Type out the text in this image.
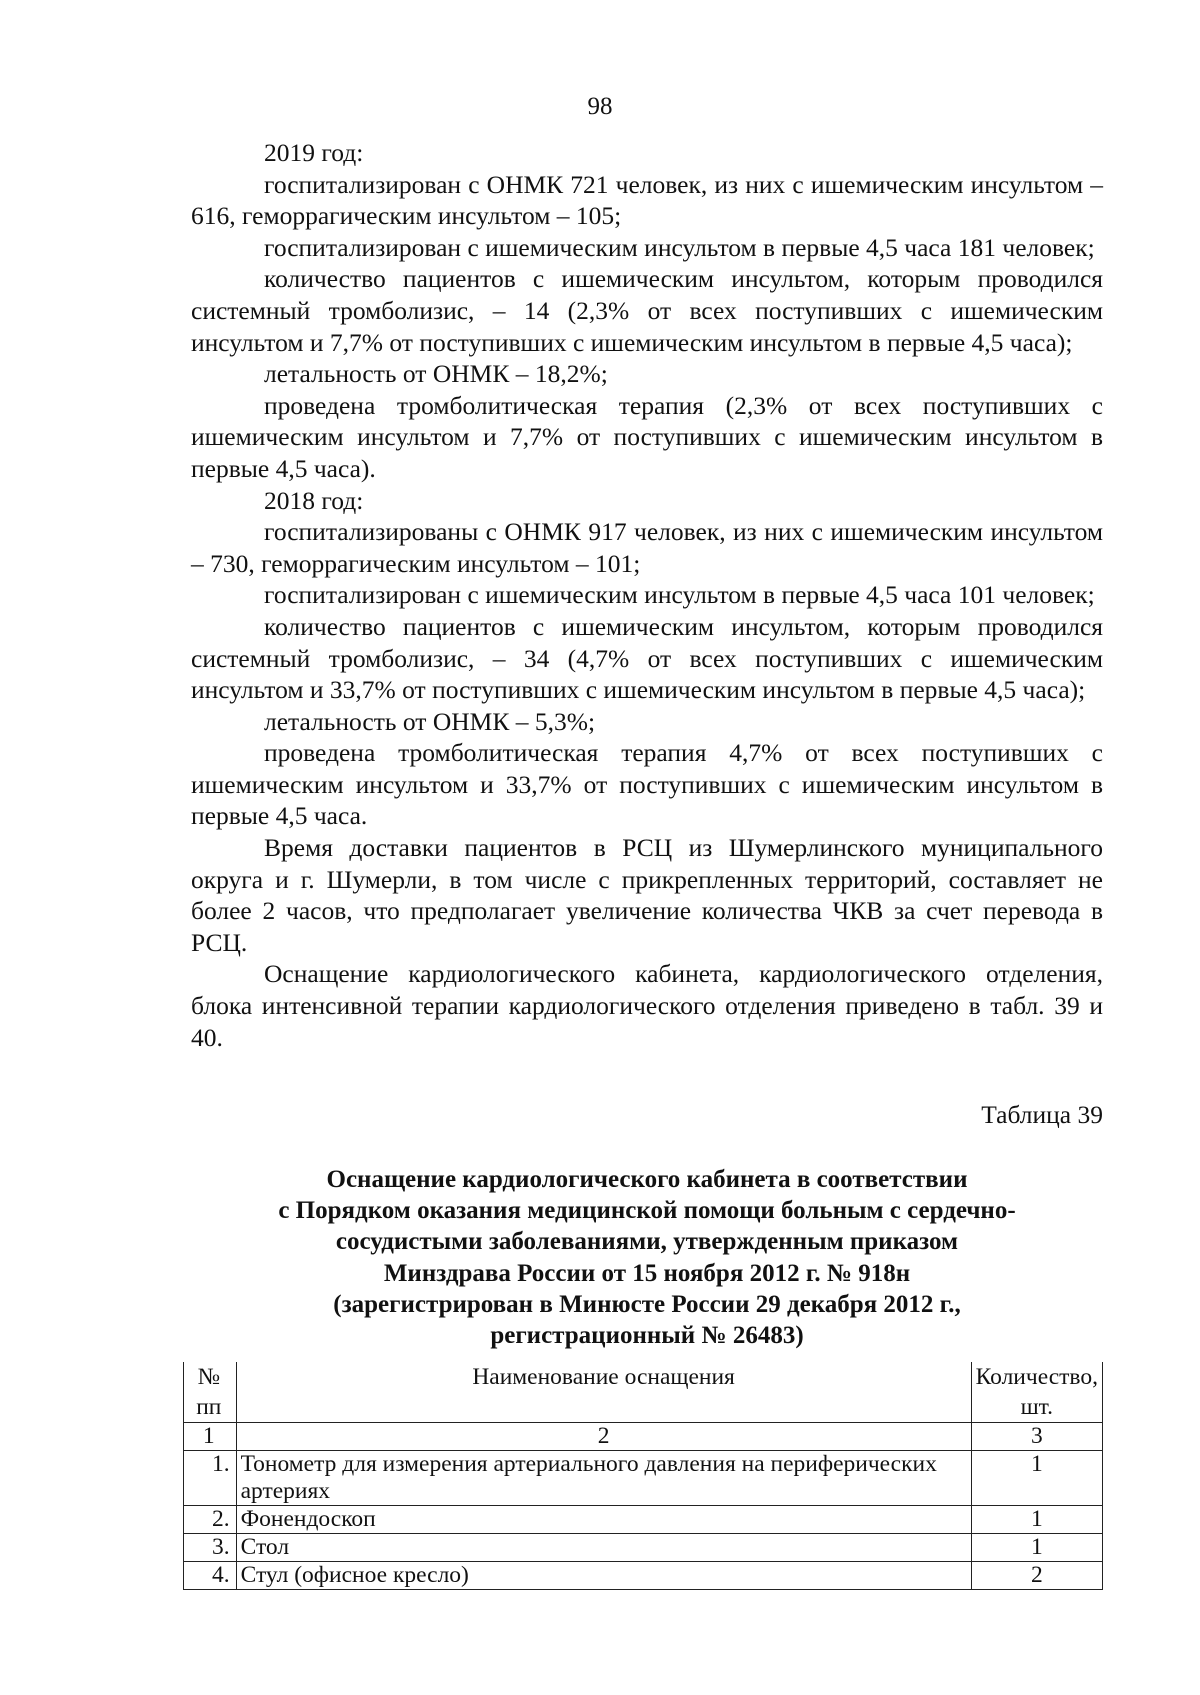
98

2019 год:

госпитализирован с ОНМК 721 человек, из них с ишемическим инсультом – 616, геморрагическим инсультом – 105;

госпитализирован с ишемическим инсультом в первые 4,5 часа 181 человек;

количество пациентов с ишемическим инсультом, которым проводился системный тромболизис, – 14 (2,3% от всех поступивших с ишемическим инсультом и 7,7% от поступивших с ишемическим инсультом в первые 4,5 часа);

летальность от ОНМК – 18,2%;

проведена тромболитическая терапия (2,3% от всех поступивших с ишемическим инсультом и 7,7% от поступивших с ишемическим инсультом в первые 4,5 часа).

2018 год:

госпитализированы с ОНМК 917 человек, из них с ишемическим инсультом – 730, геморрагическим инсультом – 101;

госпитализирован с ишемическим инсультом в первые 4,5 часа 101 человек;

количество пациентов с ишемическим инсультом, которым проводился системный тромболизис, – 34 (4,7% от всех поступивших с ишемическим инсультом и 33,7% от поступивших с ишемическим инсультом в первые 4,5 часа);

летальность от ОНМК – 5,3%;

проведена тромболитическая терапия 4,7% от всех поступивших с ишемическим инсультом и 33,7% от поступивших с ишемическим инсультом в первые 4,5 часа.

Время доставки пациентов в РСЦ из Шумерлинского муниципального округа и г. Шумерли, в том числе с прикрепленных территорий, составляет не более 2 часов, что предполагает увеличение количества ЧКВ за счет перевода в РСЦ.

Оснащение кардиологического кабинета, кардиологического отделения, блока интенсивной терапии кардиологического отделения приведено в табл. 39 и 40.

Таблица 39
Оснащение кардиологического кабинета в соответствии
с Порядком оказания медицинской помощи больным с сердечно-
сосудистыми заболеваниями, утвержденным приказом
Минздрава России от 15 ноября 2012 г. № 918н
(зарегистрирован в Минюсте России 29 декабря 2012 г.,
регистрационный № 26483)
№ пп	Наименование оснащения	Количество, шт.
1	2	3
1.	Тонометр для измерения артериального давления на периферических артериях	1
2.	Фонендоскоп	1
3.	Стол	1
4.	Стул (офисное кресло)	2
